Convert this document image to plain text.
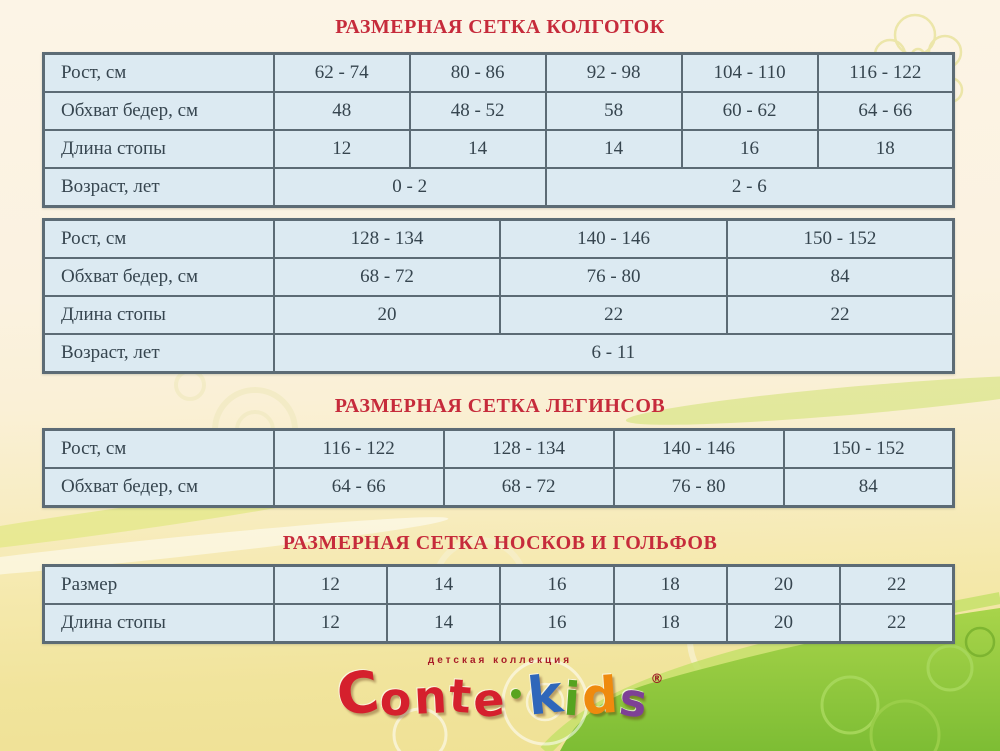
РАЗМЕРНАЯ СЕТКА КОЛГОТОК
Рост, см	62 - 74	80 - 86	92 - 98	104 - 110	116 - 122
Обхват бедер, см	48	48 - 52	58	60 - 62	64 - 66
Длина стопы	12	14	14	16	18
Возраст, лет	0 - 2		2 - 6		
Рост, см	128 - 134	140 - 146	150 - 152
Обхват бедер, см	68 - 72	76 - 80	84
Длина стопы	20	22	22
Возраст, лет	6 - 11		
РАЗМЕРНАЯ СЕТКА ЛЕГИНСОВ
Рост, см	116 - 122	128 - 134	140 - 146	150 - 152
Обхват бедер, см	64 - 66	68 - 72	76 - 80	84
РАЗМЕРНАЯ СЕТКА НОСКОВ И ГОЛЬФОВ
Размер	12	14	16	18	20	22
Длина стопы	12	14	16	18	20	22
детская коллекция
Conte•kids®
